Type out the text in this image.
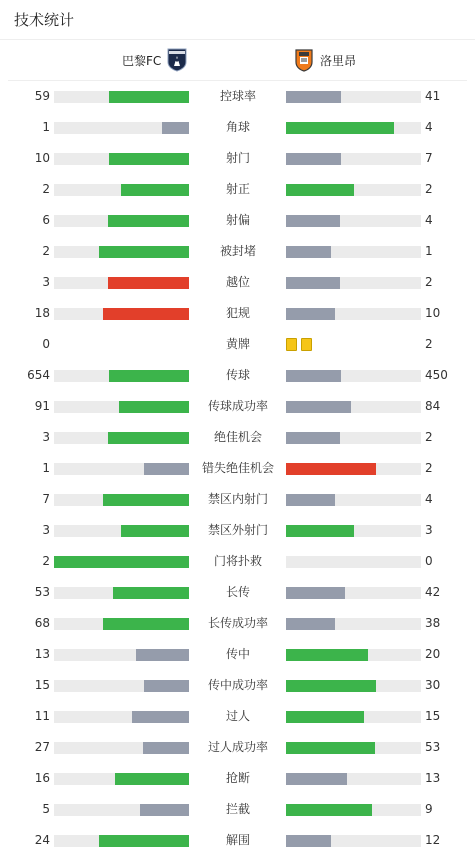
技术统计
巴黎FC	洛里昂
59	控球率	41
1	角球	4
10	射门	7
2	射正	2
6	射偏	4
2	被封堵	1
3	越位	2
18	犯规	10
0	黄牌	2
654	传球	450
91	传球成功率	84
3	绝佳机会	2
1	错失绝佳机会	2
7	禁区内射门	4
3	禁区外射门	3
2	门将扑救	0
53	长传	42
68	长传成功率	38
13	传中	20
15	传中成功率	30
11	过人	15
27	过人成功率	53
16	抢断	13
5	拦截	9
24	解围	12
